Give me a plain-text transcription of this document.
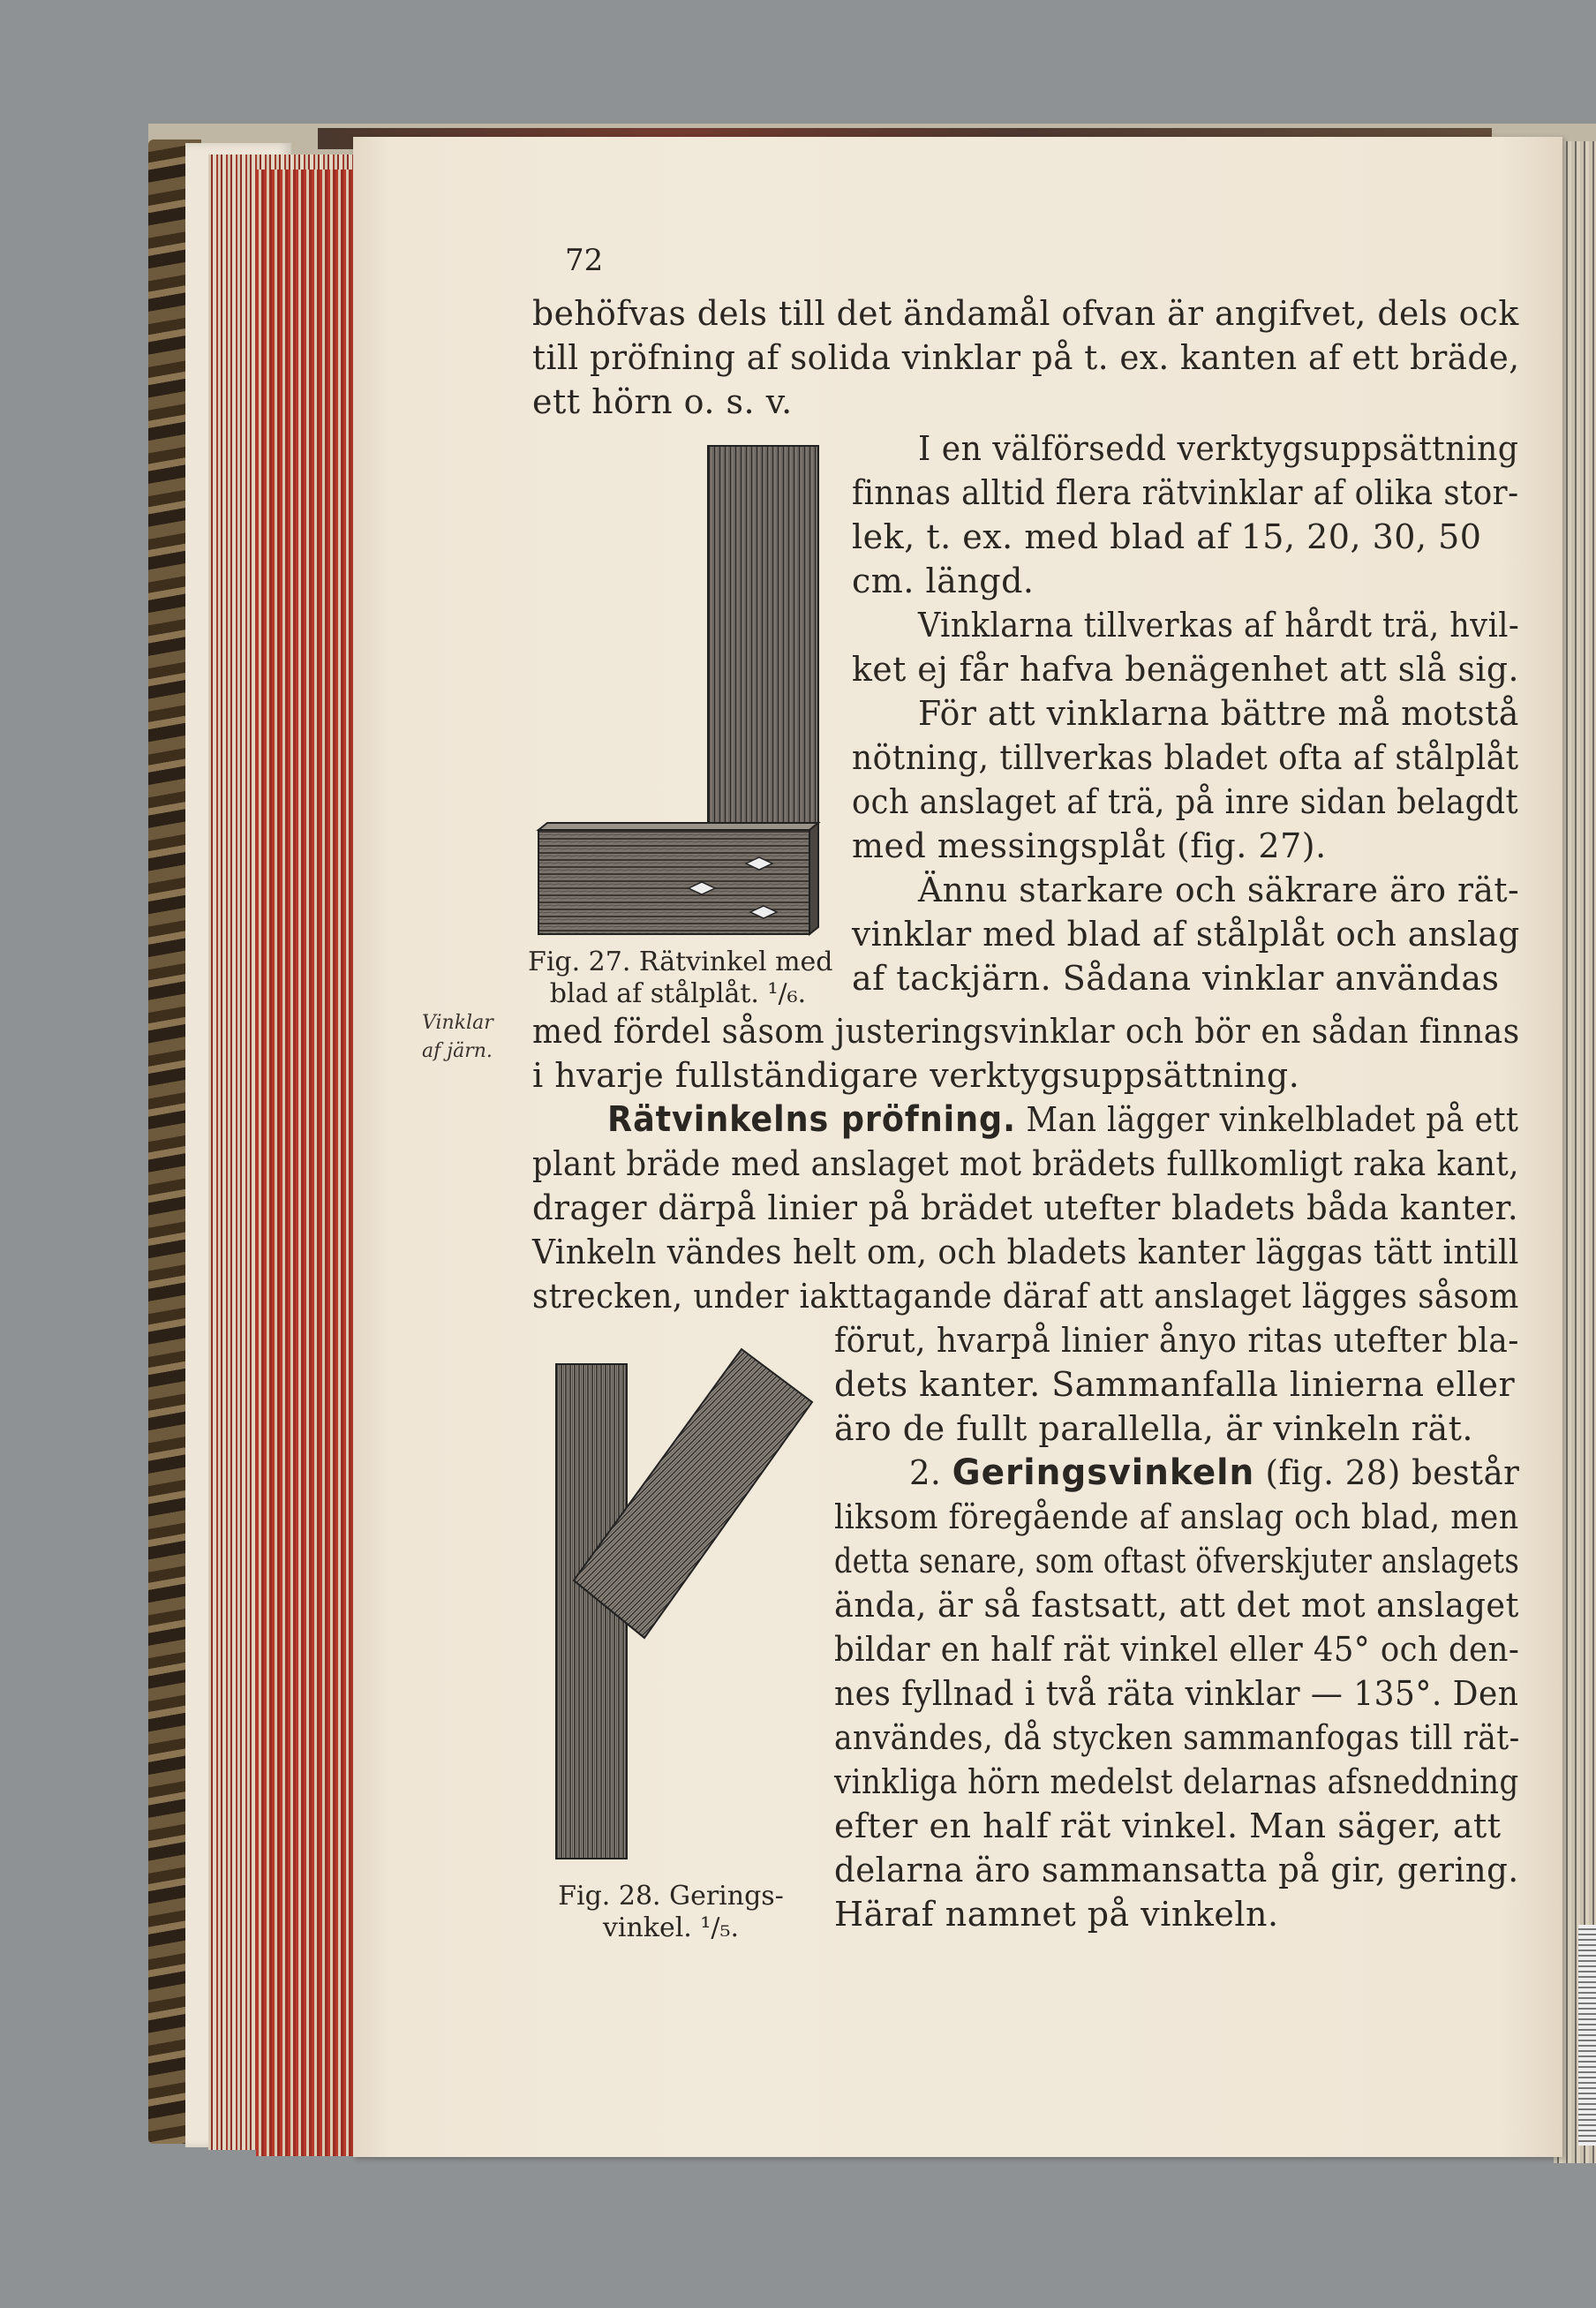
72

behöfvas dels till det ändamål ofvan är angifvet, dels ock

till pröfning af solida vinklar på t. ex. kanten af ett bräde,

ett hörn o. s. v.

Fig. 27. Rätvinkel med
blad af stålplåt. ¹/₆.

I en välförsedd verktygsuppsättning

finnas alltid flera rätvinklar af olika stor-

lek, t. ex. med blad af 15, 20, 30, 50

cm. längd.

Vinklarna tillverkas af hårdt trä, hvil-

ket ej får hafva benägenhet att slå sig.

För att vinklarna bättre må motstå

nötning, tillverkas bladet ofta af stålplåt

och anslaget af trä, på inre sidan belagdt

med messingsplåt (fig. 27).

Ännu starkare och säkrare äro rät-

vinklar med blad af stålplåt och anslag

af tackjärn. Sådana vinklar användas

Vinklar
af järn.

med fördel såsom justeringsvinklar och bör en sådan finnas

i hvarje fullständigare verktygsuppsättning.

Rätvinkelns pröfning. Man lägger vinkelbladet på ett

plant bräde med anslaget mot brädets fullkomligt raka kant,

drager därpå linier på brädet utefter bladets båda kanter.

Vinkeln vändes helt om, och bladets kanter läggas tätt intill

strecken, under iakttagande däraf att anslaget lägges såsom

Fig. 28. Gerings-
vinkel. ¹/₅.

förut, hvarpå linier ånyo ritas utefter bla-

dets kanter. Sammanfalla linierna eller

äro de fullt parallella, är vinkeln rät.

2. Geringsvinkeln (fig. 28) består

liksom föregående af anslag och blad, men

detta senare, som oftast öfverskjuter anslagets

ända, är så fastsatt, att det mot anslaget

bildar en half rät vinkel eller 45° och den-

nes fyllnad i två räta vinklar — 135°. Den

användes, då stycken sammanfogas till rät-

vinkliga hörn medelst delarnas afsneddning

efter en half rät vinkel. Man säger, att

delarna äro sammansatta på gir, gering.

Häraf namnet på vinkeln.
